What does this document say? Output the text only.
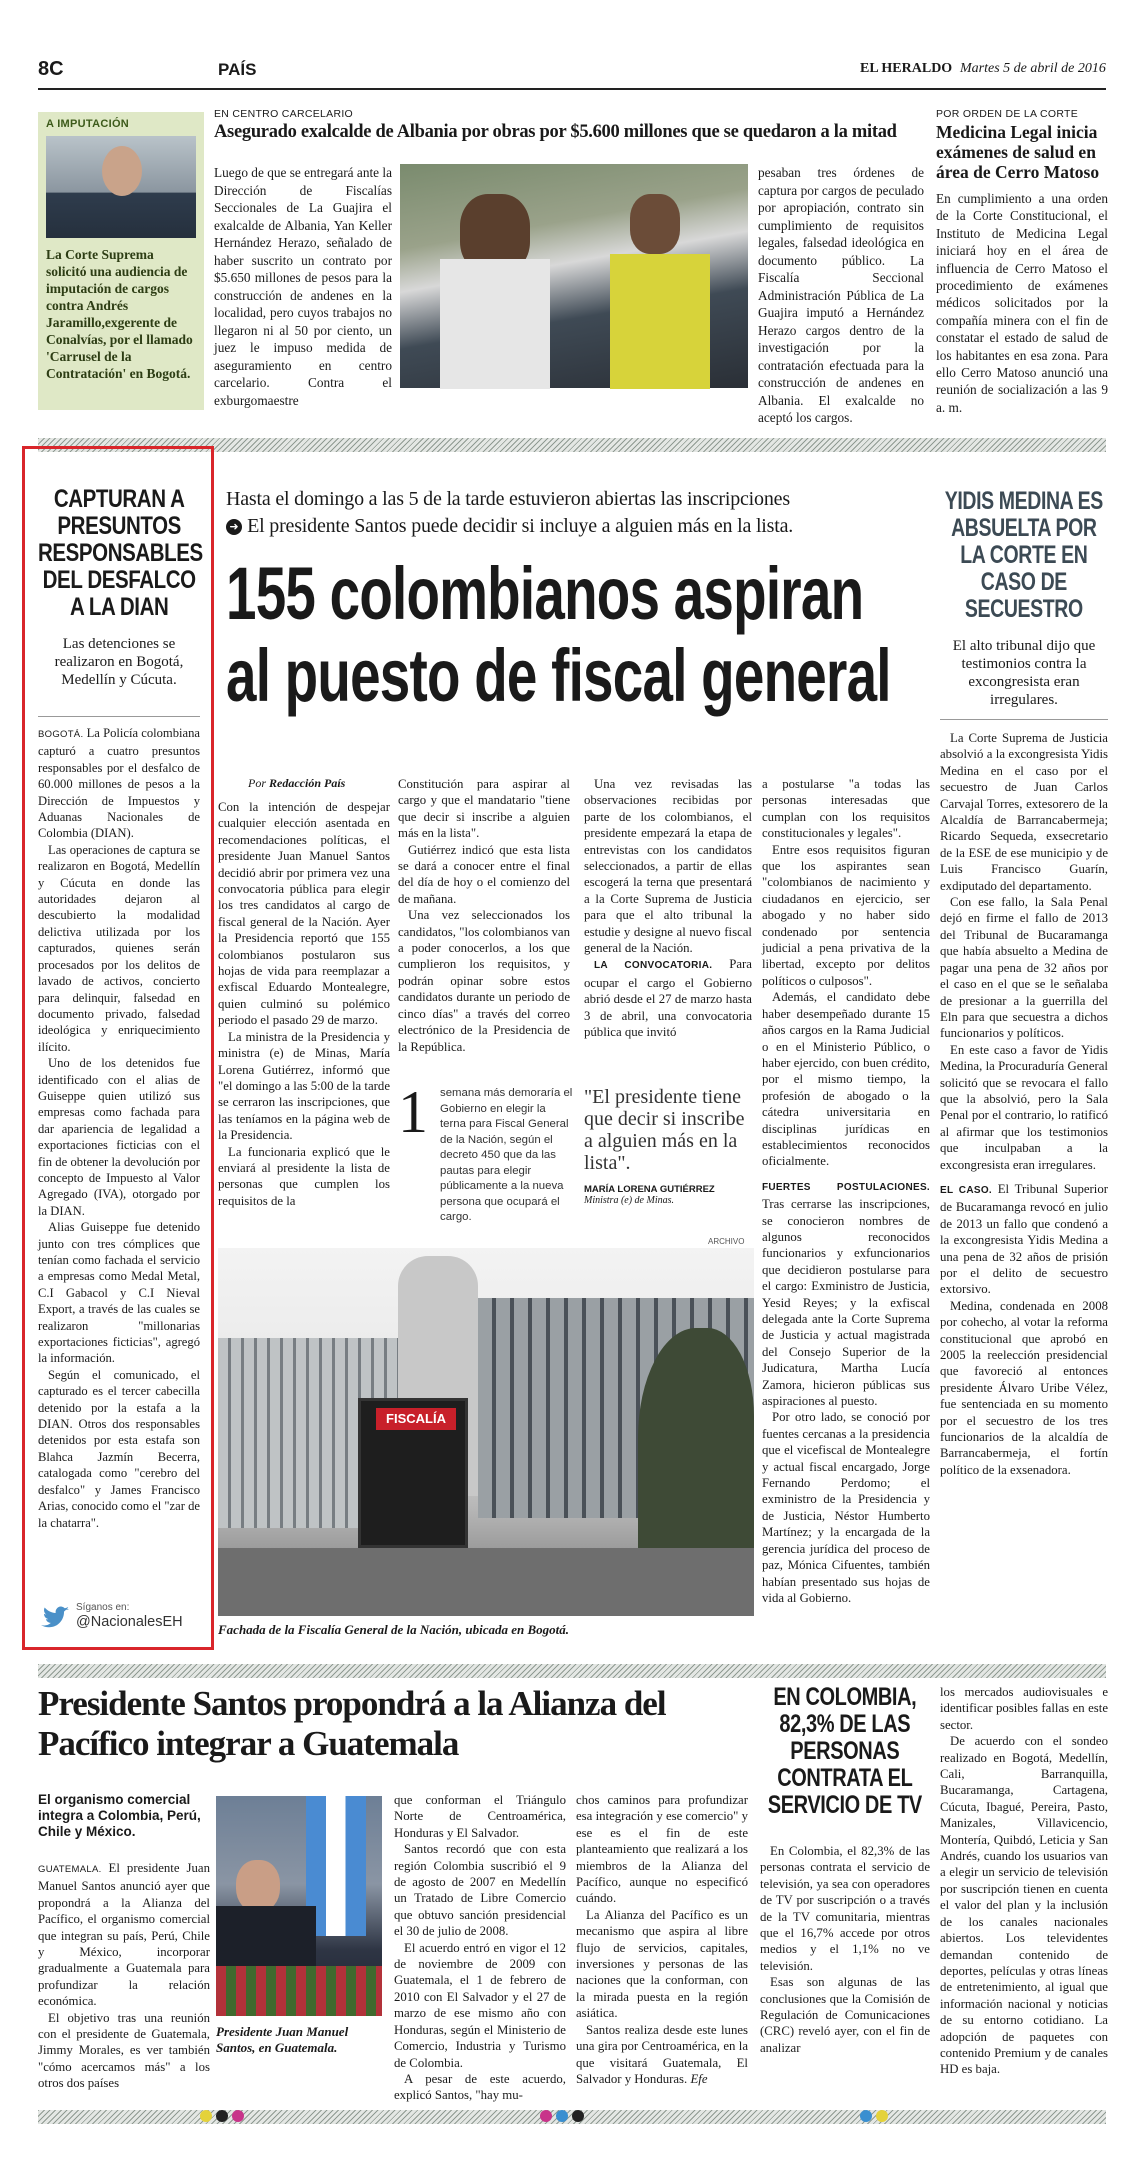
8C	PAÍS	EL HERALDO Martes 5 de abril de 2016
A IMPUTACIÓN
La Corte Suprema solicitó una audiencia de imputación de cargos contra Andrés Jaramillo,exgerente de Conalvías, por el llamado 'Carrusel de la Contratación' en Bogotá.
EN CENTRO CARCELARIO
Asegurado exalcalde de Albania por obras por $5.600 millones que se quedaron a la mitad
Luego de que se entregará ante la Dirección de Fiscalías Seccionales de La Guajira el exalcalde de Albania, Yan Keller Hernández Herazo, señalado de haber suscrito un contrato por $5.650 millones de pesos para la construcción de andenes en la localidad, pero cuyos trabajos no llegaron ni al 50 por ciento, un juez le impuso medida de aseguramiento en centro carcelario. Contra el exburgomaestre
pesaban tres órdenes de captura por cargos de peculado por apropiación, contrato sin cumplimiento de requisitos legales, falsedad ideológica en documento público. La Fiscalía Seccional Administración Pública de La Guajira imputó a Hernández Herazo cargos dentro de la investigación por la contratación efectuada para la construcción de andenes en Albania. El exalcalde no aceptó los cargos.
POR ORDEN DE LA CORTE
Medicina Legal inicia exámenes de salud en área de Cerro Matoso
En cumplimiento a una orden de la Corte Constitucional, el Instituto de Medicina Legal iniciará hoy en el área de influencia de Cerro Matoso el procedimiento de exámenes médicos solicitados por la compañía minera con el fin de constatar el estado de salud de los habitantes en esa zona. Para ello Cerro Matoso anunció una reunión de socialización a las 9 a. m.
CAPTURAN A PRESUNTOS RESPONSABLES DEL DESFALCO A LA DIAN
Las detenciones se realizaron en Bogotá, Medellín y Cúcuta.

BOGOTÁ. La Policía colombiana capturó a cuatro presuntos responsables por el desfalco de 60.000 millones de pesos a la Dirección de Impuestos y Aduanas Nacionales de Colombia (DIAN).

Las operaciones de captura se realizaron en Bogotá, Medellín y Cúcuta en donde las autoridades dejaron al descubierto la modalidad delictiva utilizada por los capturados, quienes serán procesados por los delitos de lavado de activos, concierto para delinquir, falsedad en documento privado, falsedad ideológica y enriquecimiento ilícito.

Uno de los detenidos fue identificado con el alias de Guiseppe quien utilizó sus empresas como fachada para dar apariencia de legalidad a exportaciones ficticias con el fin de obtener la devolución por concepto de Impuesto al Valor Agregado (IVA), otorgado por la DIAN.

Alias Guiseppe fue detenido junto con tres cómplices que tenían como fachada el servicio a empresas como Medal Metal, C.I Gabacol y C.I Nieval Export, a través de las cuales se realizaron "millonarias exportaciones ficticias", agregó la información.

Según el comunicado, el capturado es el tercer cabecilla detenido por la estafa a la DIAN. Otros dos responsables detenidos por esta estafa son Blahca Jazmín Becerra, catalogada como "cerebro del desfalco" y James Francisco Arias, conocido como el "zar de la chatarra".

Síganos en:
@NacionalesEH
Hasta el domingo a las 5 de la tarde estuvieron abiertas las inscripciones
➜ El presidente Santos puede decidir si incluye a alguien más en la lista.
155 colombianos aspiran
al puesto de fiscal general
Por Redacción País

Con la intención de despejar cualquier elección asentada en recomendaciones políticas, el presidente Juan Manuel Santos decidió abrir por primera vez una convocatoria pública para elegir los tres candidatos al cargo de fiscal general de la Nación. Ayer la Presidencia reportó que 155 colombianos postularon sus hojas de vida para reemplazar a exfiscal Eduardo Montealegre, quien culminó su polémico periodo el pasado 29 de marzo.

La ministra de la Presidencia y ministra (e) de Minas, María Lorena Gutiérrez, informó que "el domingo a las 5:00 de la tarde se cerraron las inscripciones, que las teníamos en la página web de la Presidencia.

La funcionaria explicó que le enviará al presidente la lista de personas que cumplen los requisitos de la

Constitución para aspirar al cargo y que el mandatario "tiene que decir si inscribe a alguien más en la lista".

Gutiérrez indicó que esta lista se dará a conocer entre el final del día de hoy o el comienzo del de mañana.

Una vez seleccionados los candidatos, "los colombianos van a poder conocerlos, a los que cumplieron los requisitos, y podrán opinar sobre estos candidatos durante un periodo de cinco días" a través del correo electrónico de la Presidencia de la República.

Una vez revisadas las observaciones recibidas por parte de los colombianos, el presidente empezará la etapa de entrevistas con los candidatos seleccionados, a partir de ellas escogerá la terna que presentará a la Corte Suprema de Justicia para que el alto tribunal la estudie y designe al nuevo fiscal general de la Nación.

LA CONVOCATORIA. Para ocupar el cargo el Gobierno abrió desde el 27 de marzo hasta 3 de abril, una convocatoria pública que invitó

a postularse "a todas las personas interesadas que cumplan con los requisitos constitucionales y legales".

Entre esos requisitos figuran que los aspirantes sean "colombianos de nacimiento y ciudadanos en ejercicio, ser abogado y no haber sido condenado por sentencia judicial a pena privativa de la libertad, excepto por delitos políticos o culposos".

Además, el candidato debe haber desempeñado durante 15 años cargos en la Rama Judicial o en el Ministerio Público, o haber ejercido, con buen crédito, por el mismo tiempo, la profesión de abogado o la cátedra universitaria en disciplinas jurídicas en establecimientos reconocidos oficialmente.

FUERTES POSTULACIONES. Tras cerrarse las inscripciones, se conocieron nombres de algunos reconocidos funcionarios y exfuncionarios que decidieron postularse para el cargo: Exministro de Justicia, Yesid Reyes; y la exfiscal delegada ante la Corte Suprema de Justicia y actual magistrada del Consejo Superior de la Judicatura, Martha Lucía Zamora, hicieron públicas sus aspiraciones al puesto.

Por otro lado, se conoció por fuentes cercanas a la presidencia que el vicefiscal de Montealegre y actual fiscal encargado, Jorge Fernando Perdomo; el exministro de la Presidencia y de Justicia, Néstor Humberto Martínez; y la encargada de la gerencia jurídica del proceso de paz, Mónica Cifuentes, también habían presentado sus hojas de vida al Gobierno.

1 semana más demoraría el Gobierno en elegir la terna para Fiscal General de la Nación, según el decreto 450 que da las pautas para elegir públicamente a la nueva persona que ocupará el cargo.
"El presidente tiene que decir si inscribe a alguien más en la lista".
MARÍA LORENA GUTIÉRREZ
Ministra (e) de Minas.
ARCHIVO
FISCALÍA
Fachada de la Fiscalía General de la Nación, ubicada en Bogotá.
YIDIS MEDINA ES ABSUELTA POR LA CORTE EN CASO DE SECUESTRO
El alto tribunal dijo que testimonios contra la excongresista eran irregulares.

La Corte Suprema de Justicia absolvió a la excongresista Yidis Medina en el caso por el secuestro de Juan Carlos Carvajal Torres, extesorero de la Alcaldía de Barrancabermeja; Ricardo Sequeda, exsecretario de la ESE de ese municipio y de Luis Francisco Guarín, exdiputado del departamento.

Con ese fallo, la Sala Penal dejó en firme el fallo de 2013 del Tribunal de Bucaramanga que había absuelto a Medina de pagar una pena de 32 años por el caso en el que se le señalaba de presionar a la guerrilla del Eln para que secuestra a dichos funcionarios y políticos.

En este caso a favor de Yidis Medina, la Procuraduría General solicitó que se revocara el fallo que la absolvió, pero la Sala Penal por el contrario, lo ratificó al afirmar que los testimonios que inculpaban a la excongresista eran irregulares.

EL CASO. El Tribunal Superior de Bucaramanga revocó en julio de 2013 un fallo que condenó a la excongresista Yidis Medina a una pena de 32 años de prisión por el delito de secuestro extorsivo.

Medina, condenada en 2008 por cohecho, al votar la reforma constitucional que aprobó en 2005 la reelección presidencial que favoreció al entonces presidente Álvaro Uribe Vélez, fue sentenciada en su momento por el secuestro de los tres funcionarios de la alcaldía de Barrancabermeja, el fortín político de la exsenadora.

Presidente Santos propondrá a la Alianza del Pacífico integrar a Guatemala
El organismo comercial integra a Colombia, Perú, Chile y México.

GUATEMALA. El presidente Juan Manuel Santos anunció ayer que propondrá a la Alianza del Pacífico, el organismo comercial que integran su país, Perú, Chile y México, incorporar gradualmente a Guatemala para profundizar la relación económica.

El objetivo tras una reunión con el presidente de Guatemala, Jimmy Morales, es ver también "cómo acercamos más" a los otros dos países

Presidente Juan Manuel Santos, en Guatemala.

que conforman el Triángulo Norte de Centroamérica, Honduras y El Salvador.

Santos recordó que con esta región Colombia suscribió el 9 de agosto de 2007 en Medellín un Tratado de Libre Comercio que obtuvo sanción presidencial el 30 de julio de 2008.

El acuerdo entró en vigor el 12 de noviembre de 2009 con Guatemala, el 1 de febrero de 2010 con El Salvador y el 27 de marzo de ese mismo año con Honduras, según el Ministerio de Comercio, Industria y Turismo de Colombia.

A pesar de este acuerdo, explicó Santos, "hay mu-

chos caminos para profundizar esa integración y ese comercio" y ese es el fin de este planteamiento que realizará a los miembros de la Alianza del Pacífico, aunque no especificó cuándo.

La Alianza del Pacífico es un mecanismo que aspira al libre flujo de servicios, capitales, inversiones y personas de las naciones que la conforman, con la mirada puesta en la región asiática.

Santos realiza desde este lunes una gira por Centroamérica, en la que visitará Guatemala, El Salvador y Honduras. Efe

EN COLOMBIA, 82,3% DE LAS PERSONAS CONTRATA EL SERVICIO DE TV

En Colombia, el 82,3% de las personas contrata el servicio de televisión, ya sea con operadores de TV por suscripción o a través de la TV comunitaria, mientras que el 16,7% accede por otros medios y el 1,1% no ve televisión.

Esas son algunas de las conclusiones que la Comisión de Regulación de Comunicaciones (CRC) reveló ayer, con el fin de analizar

los mercados audiovisuales e identificar posibles fallas en este sector.

De acuerdo con el sondeo realizado en Bogotá, Medellín, Cali, Barranquilla, Bucaramanga, Cartagena, Cúcuta, Ibagué, Pereira, Pasto, Manizales, Villavicencio, Montería, Quibdó, Leticia y San Andrés, cuando los usuarios van a elegir un servicio de televisión por suscripción tienen en cuenta el valor del plan y la inclusión de los canales nacionales abiertos. Los televidentes demandan contenido de deportes, películas y otras líneas de entretenimiento, al igual que información nacional y noticias de su entorno cotidiano. La adopción de paquetes con contenido Premium y de canales HD es baja.
